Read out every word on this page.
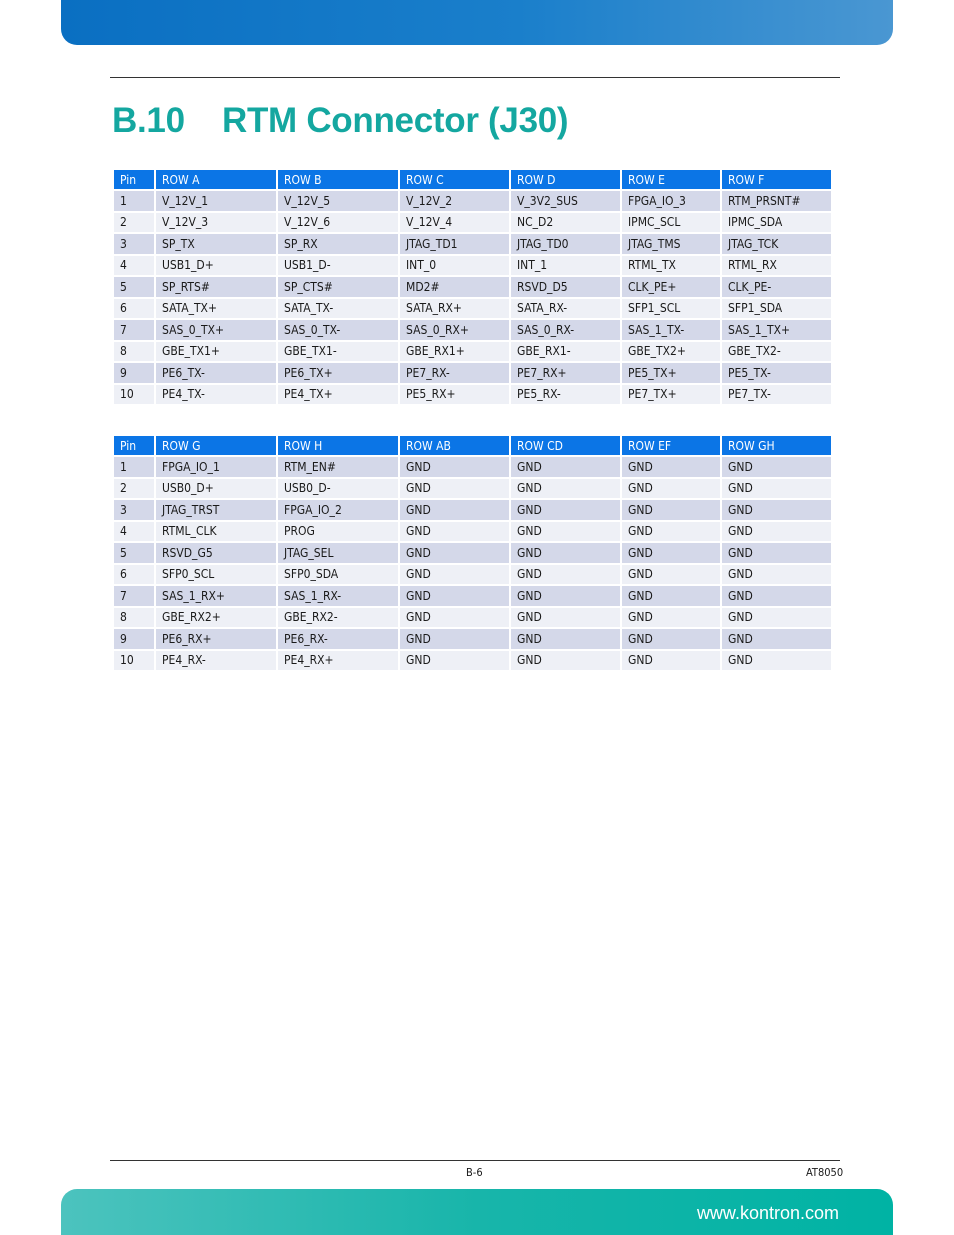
B.10 RTM Connector (J30)
Pin	ROW A	ROW B	ROW C	ROW D	ROW E	ROW F
1	V_12V_1	V_12V_5	V_12V_2	V_3V2_SUS	FPGA_IO_3	RTM_PRSNT#
2	V_12V_3	V_12V_6	V_12V_4	NC_D2	IPMC_SCL	IPMC_SDA
3	SP_TX	SP_RX	JTAG_TD1	JTAG_TD0	JTAG_TMS	JTAG_TCK
4	USB1_D+	USB1_D-	INT_0	INT_1	RTML_TX	RTML_RX
5	SP_RTS#	SP_CTS#	MD2#	RSVD_D5	CLK_PE+	CLK_PE-
6	SATA_TX+	SATA_TX-	SATA_RX+	SATA_RX-	SFP1_SCL	SFP1_SDA
7	SAS_0_TX+	SAS_0_TX-	SAS_0_RX+	SAS_0_RX-	SAS_1_TX-	SAS_1_TX+
8	GBE_TX1+	GBE_TX1-	GBE_RX1+	GBE_RX1-	GBE_TX2+	GBE_TX2-
9	PE6_TX-	PE6_TX+	PE7_RX-	PE7_RX+	PE5_TX+	PE5_TX-
10	PE4_TX-	PE4_TX+	PE5_RX+	PE5_RX-	PE7_TX+	PE7_TX-
Pin	ROW G	ROW H	ROW AB	ROW CD	ROW EF	ROW GH
1	FPGA_IO_1	RTM_EN#	GND	GND	GND	GND
2	USB0_D+	USB0_D-	GND	GND	GND	GND
3	JTAG_TRST	FPGA_IO_2	GND	GND	GND	GND
4	RTML_CLK	PROG	GND	GND	GND	GND
5	RSVD_G5	JTAG_SEL	GND	GND	GND	GND
6	SFP0_SCL	SFP0_SDA	GND	GND	GND	GND
7	SAS_1_RX+	SAS_1_RX-	GND	GND	GND	GND
8	GBE_RX2+	GBE_RX2-	GND	GND	GND	GND
9	PE6_RX+	PE6_RX-	GND	GND	GND	GND
10	PE4_RX-	PE4_RX+	GND	GND	GND	GND
B-6	AT8050
www.kontron.com
